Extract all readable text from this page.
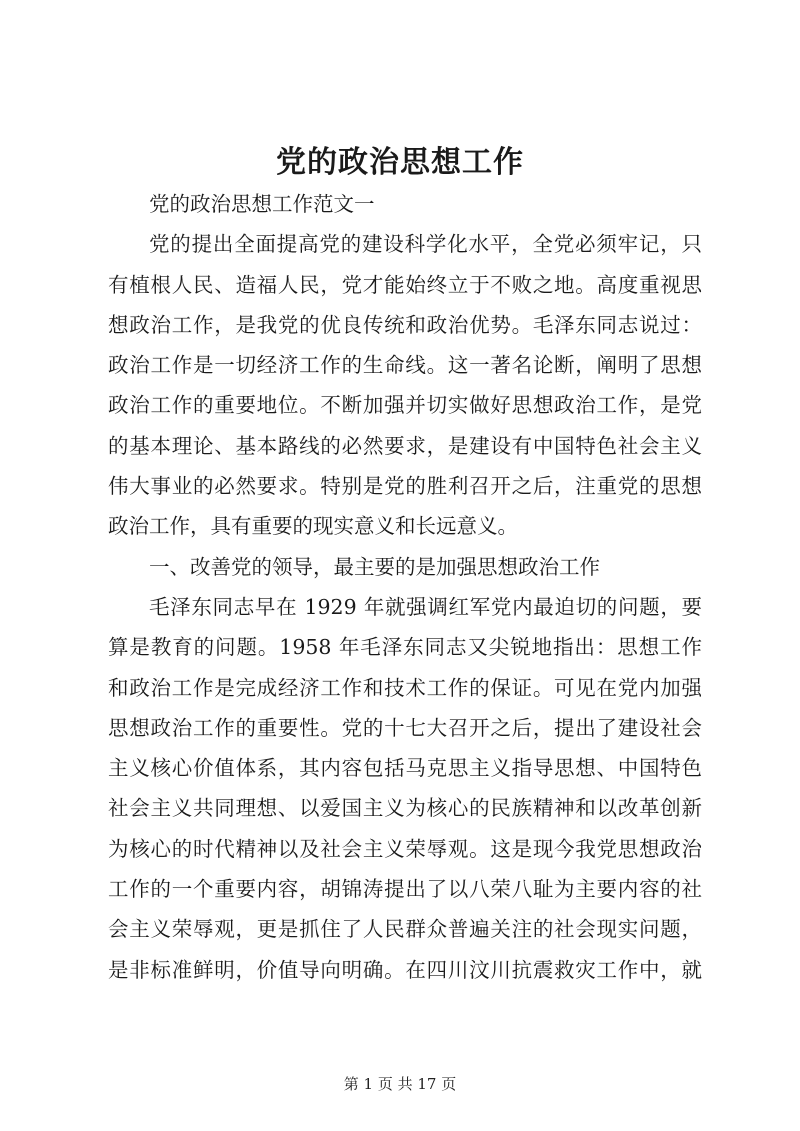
党的政治思想工作
党的政治思想工作范文一
党的提出全面提高党的建设科学化水平，全党必须牢记，只
有植根人民、造福人民，党才能始终立于不败之地。高度重视思
想政治工作，是我党的优良传统和政治优势。毛泽东同志说过：
政治工作是一切经济工作的生命线。这一著名论断，阐明了思想
政治工作的重要地位。不断加强并切实做好思想政治工作，是党
的基本理论、基本路线的必然要求，是建设有中国特色社会主义
伟大事业的必然要求。特别是党的胜利召开之后，注重党的思想
政治工作，具有重要的现实意义和长远意义。
一、改善党的领导，最主要的是加强思想政治工作
毛泽东同志早在 1929 年就强调红军党内最迫切的问题，要
算是教育的问题。1958 年毛泽东同志又尖锐地指出：思想工作
和政治工作是完成经济工作和技术工作的保证。可见在党内加强
思想政治工作的重要性。党的十七大召开之后，提出了建设社会
主义核心价值体系，其内容包括马克思主义指导思想、中国特色
社会主义共同理想、以爱国主义为核心的民族精神和以改革创新
为核心的时代精神以及社会主义荣辱观。这是现今我党思想政治
工作的一个重要内容，胡锦涛提出了以八荣八耻为主要内容的社
会主义荣辱观，更是抓住了人民群众普遍关注的社会现实问题，
是非标准鲜明，价值导向明确。在四川汶川抗震救灾工作中，就
第 1 页 共 17 页
